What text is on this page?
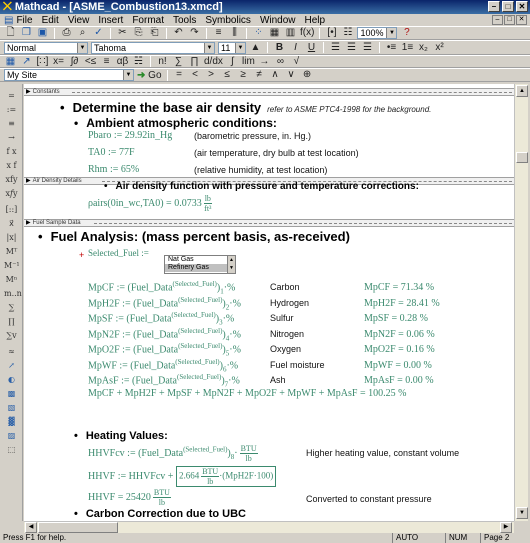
⨉ Mathcad - [ASME_Combustion13.xmcd]	–	□	✕
▤ File Edit View Insert Format Tools Symbolics Window Help	–	□ ✕
🗋 ❐ ▣ ⎙ ⌕ ✓ ✂ ⎘ ⎗ ↶ ↷	≡	⫼	⁘ ▦ ▥ f(x) [•] ☷ 100% ▼ ?
Normal	▼ Tahoma	▼ 11	▼ ▲ B	I	U ☰ ☰ ☰ •≡ 1≡ x₂ x²
▦ ↗ [∷] x= ∫∂ <≤ ≡ αβ ☵ n! ∑ ∏ d/dx ∫ lim → ∞ √
My Site	▼ ➜ Go	=	<	>	≤	≥	≠ ∧ ∨ ⊕
=
:=
≡
→
f x
x f
xfy
x𝑓y
[::]
x⃗
|x|
Mᵀ
M⁻¹
Mⁿ
m..n
∑
∏
∑v
≈
↗
◐
▩
▧
▓
▨
⬚
▶ Constants
• Determine the base air density refer to ASME PTC4-1998 for the background.
• Ambient atmospheric conditions:
Pbaro := 29.92in_Hg (barometric pressure, in. Hg.)
TA0 := 77F	(air temperature, dry bulb at test location)
Rhm := 65%	(relative humidity, at test location)
▶ Air Density Details	• Air density function with pressure and temperature corrections:
ρairs(0in_wc,TA0) = $0.0733 \frac{lb}{\text{ft³}}$
▶ Fuel Sample Data
• Fuel Analysis: (mass percent basis, as-received)
+ Selected_Fuel :=
Nat Gas
Refinery Gas
▲
▼
MpCF + MpH2F + MpSF + MpN2F + MpO2F + MpWF + MpAsF = 100.25 %
• Heating Values:
HHVFcv := $(Fuel\_Data^{(Selected\_Fuel)})_8\cdot \frac{\text{BTU}}{lb}$	Higher heating value, constant volume
HHVF := HHVFcv + $2.664 \frac{\text{BTU}}{lb} \cdot(MpH2F\cdot 100)$
HHVF = $25420 \frac{\text{BTU}}{lb}$	Converted to constant pressure
• Carbon Correction due to UBC
MpCF := $(Fuel\_Data^{(Selected\_Fuel)})_1\cdot\%$	Carbon	MpCF = 71.34 %
MpH2F := $(Fuel\_Data^{(Selected\_Fuel)})_2\cdot\%$	Hydrogen	MpH2F = 28.41 %
MpSF := $(Fuel\_Data^{(Selected\_Fuel)})_3\cdot\%$	Sulfur	MpSF = 0.28 %
MpN2F := $(Fuel\_Data^{(Selected\_Fuel)})_4\cdot\%$	Nitrogen	MpN2F = 0.06 %
MpO2F := $(Fuel\_Data^{(Selected\_Fuel)})_5\cdot\%$	Oxygen	MpO2F = 0.16 %
MpWF := $(Fuel\_Data^{(Selected\_Fuel)})_6\cdot\%$	Fuel moisture	MpWF = 0.00 %
MpAsF := $(Fuel\_Data^{(Selected\_Fuel)})_7\cdot\%$	Ash	MpAsF = 0.00 %
▲
▼
◀	▶
Press F1 for help.	AUTO	NUM	Page 2
